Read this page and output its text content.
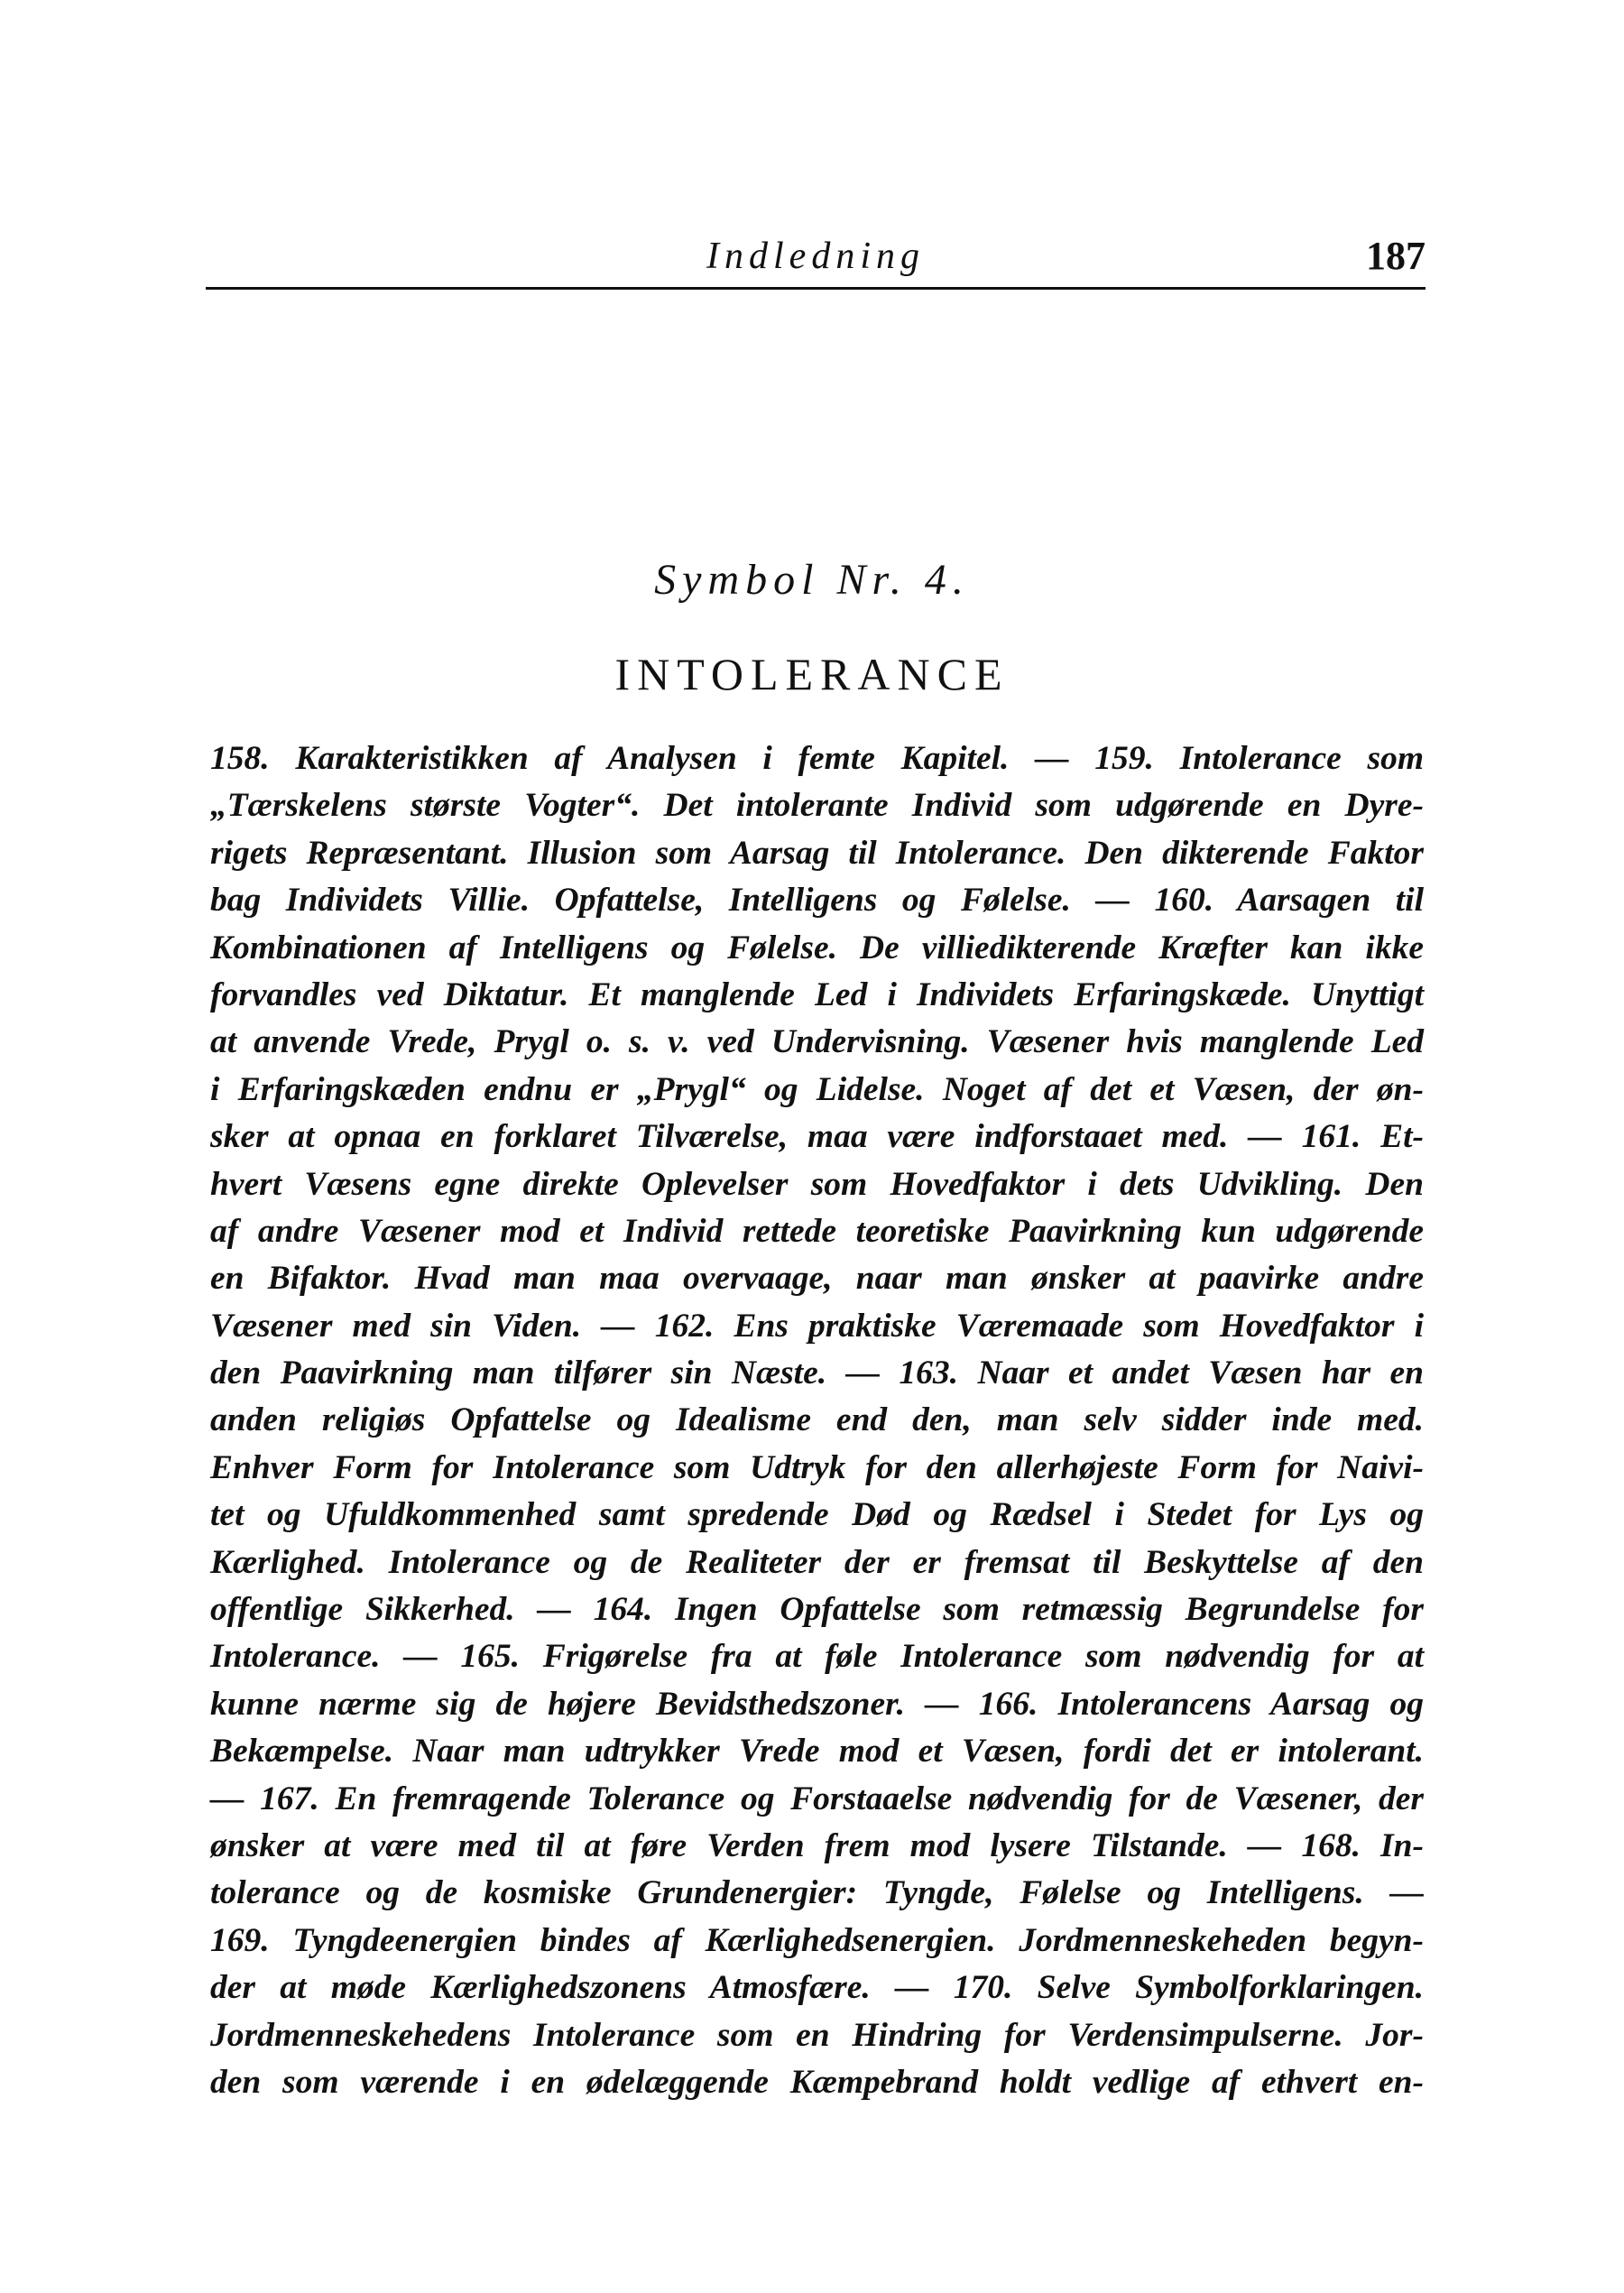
Indledning	187
Symbol Nr. 4.
INTOLERANCE
158. Karakteristikken af Analysen i femte Kapitel. — 159. Intolerance som
„Tærskelens største Vogter“. Det intolerante Individ som udgørende en Dyre-
rigets Repræsentant. Illusion som Aarsag til Intolerance. Den dikterende Faktor
bag Individets Villie. Opfattelse, Intelligens og Følelse. — 160. Aarsagen til
Kombinationen af Intelligens og Følelse. De villiedikterende Kræfter kan ikke
forvandles ved Diktatur. Et manglende Led i Individets Erfaringskæde. Unyttigt
at anvende Vrede, Prygl o. s. v. ved Undervisning. Væsener hvis manglende Led
i Erfaringskæden endnu er „Prygl“ og Lidelse. Noget af det et Væsen, der øn-
sker at opnaa en forklaret Tilværelse, maa være indforstaaet med. — 161. Et-
hvert Væsens egne direkte Oplevelser som Hovedfaktor i dets Udvikling. Den
af andre Væsener mod et Individ rettede teoretiske Paavirkning kun udgørende
en Bifaktor. Hvad man maa overvaage, naar man ønsker at paavirke andre
Væsener med sin Viden. — 162. Ens praktiske Væremaade som Hovedfaktor i
den Paavirkning man tilfører sin Næste. — 163. Naar et andet Væsen har en
anden religiøs Opfattelse og Idealisme end den, man selv sidder inde med.
Enhver Form for Intolerance som Udtryk for den allerhøjeste Form for Naivi-
tet og Ufuldkommenhed samt spredende Død og Rædsel i Stedet for Lys og
Kærlighed. Intolerance og de Realiteter der er fremsat til Beskyttelse af den
offentlige Sikkerhed. — 164. Ingen Opfattelse som retmæssig Begrundelse for
Intolerance. — 165. Frigørelse fra at føle Intolerance som nødvendig for at
kunne nærme sig de højere Bevidsthedszoner. — 166. Intolerancens Aarsag og
Bekæmpelse. Naar man udtrykker Vrede mod et Væsen, fordi det er intolerant.
— 167. En fremragende Tolerance og Forstaaelse nødvendig for de Væsener, der
ønsker at være med til at føre Verden frem mod lysere Tilstande. — 168. In-
tolerance og de kosmiske Grundenergier: Tyngde, Følelse og Intelligens. —
169. Tyngdeenergien bindes af Kærlighedsenergien. Jordmenneskeheden begyn-
der at møde Kærlighedszonens Atmosfære. — 170. Selve Symbolforklaringen.
Jordmenneskehedens Intolerance som en Hindring for Verdensimpulserne. Jor-
den som værende i en ødelæggende Kæmpebrand holdt vedlige af ethvert en-
